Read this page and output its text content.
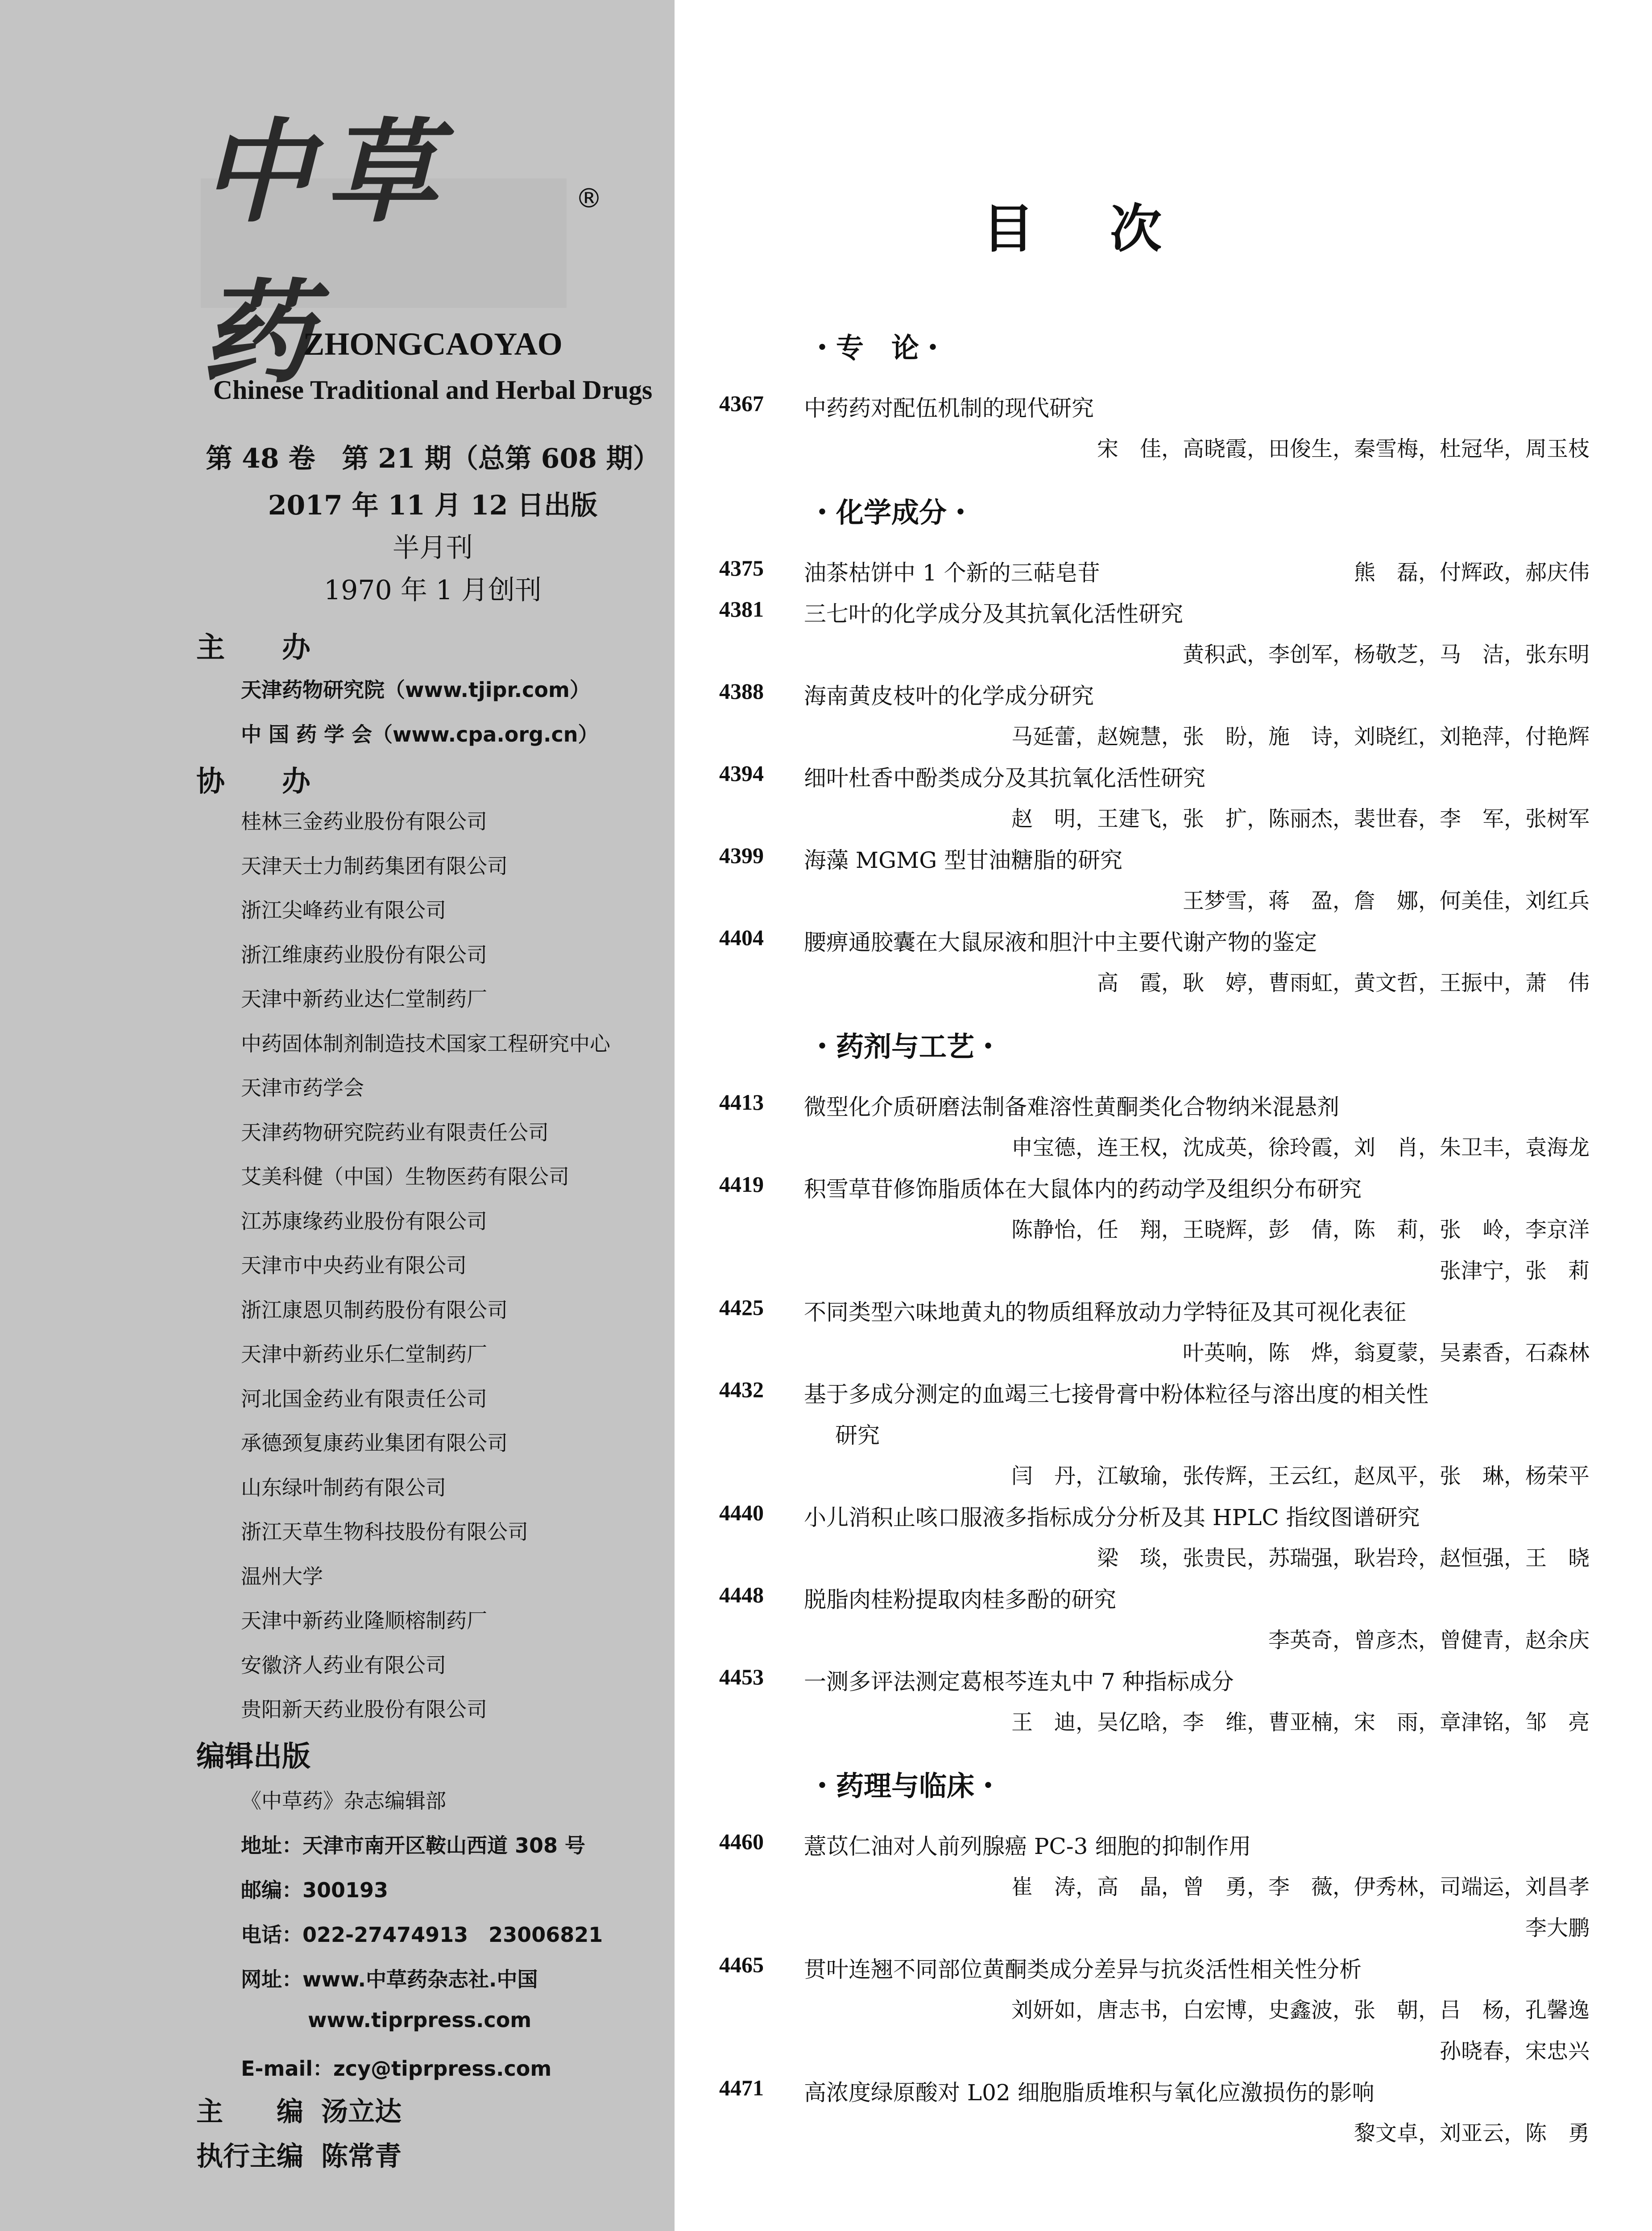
中草药
®
ZHONGCAOYAO
Chinese Traditional and Herbal Drugs
第 48 卷　第 21 期（总第 608 期）
2017 年 11 月 12 日出版
半月刊
1970 年 1 月创刊
主　　办
天津药物研究院（www.tjipr.com）
中 国 药 学 会（www.cpa.org.cn）
协　　办
桂林三金药业股份有限公司
天津天士力制药集团有限公司
浙江尖峰药业有限公司
浙江维康药业股份有限公司
天津中新药业达仁堂制药厂
中药固体制剂制造技术国家工程研究中心
天津市药学会
天津药物研究院药业有限责任公司
艾美科健（中国）生物医药有限公司
江苏康缘药业股份有限公司
天津市中央药业有限公司
浙江康恩贝制药股份有限公司
天津中新药业乐仁堂制药厂
河北国金药业有限责任公司
承德颈复康药业集团有限公司
山东绿叶制药有限公司
浙江天草生物科技股份有限公司
温州大学
天津中新药业隆顺榕制药厂
安徽济人药业有限公司
贵阳新天药业股份有限公司
编辑出版
《中草药》杂志编辑部
地址：天津市南开区鞍山西道 308 号
邮编：300193
电话：022-27474913　23006821
网址：www.中草药杂志社.中国
www.tiprpress.com
E-mail：zcy@tiprpress.com
主　　编 汤立达
执行主编 陈常青
目次
・专　论・
4367 中药药对配伍机制的现代研究
宋　佳，高晓霞，田俊生，秦雪梅，杜冠华，周玉枝
・化学成分・
4375 油茶枯饼中 1 个新的三萜皂苷	熊　磊，付辉政，郝庆伟
4381 三七叶的化学成分及其抗氧化活性研究
黄积武，李创军，杨敬芝，马　洁，张东明
4388 海南黄皮枝叶的化学成分研究
马延蕾，赵婉慧，张　盼，施　诗，刘晓红，刘艳萍，付艳辉
4394 细叶杜香中酚类成分及其抗氧化活性研究
赵　明，王建飞，张　扩，陈丽杰，裴世春，李　军，张树军
4399 海藻 MGMG 型甘油糖脂的研究
王梦雪，蒋　盈，詹　娜，何美佳，刘红兵
4404 腰痹通胶囊在大鼠尿液和胆汁中主要代谢产物的鉴定
高　霞，耿　婷，曹雨虹，黄文哲，王振中，萧　伟
・药剂与工艺・
4413 微型化介质研磨法制备难溶性黄酮类化合物纳米混悬剂
申宝德，连王权，沈成英，徐玲霞，刘　肖，朱卫丰，袁海龙
4419 积雪草苷修饰脂质体在大鼠体内的药动学及组织分布研究
陈静怡，任　翔，王晓辉，彭　倩，陈　莉，张　岭，李京洋
张津宁，张　莉
4425 不同类型六味地黄丸的物质组释放动力学特征及其可视化表征
叶英响，陈　烨，翁夏蒙，吴素香，石森林
4432 基于多成分测定的血竭三七接骨膏中粉体粒径与溶出度的相关性
研究
闫　丹，江敏瑜，张传辉，王云红，赵凤平，张　琳，杨荣平
4440 小儿消积止咳口服液多指标成分分析及其 HPLC 指纹图谱研究
梁　琰，张贵民，苏瑞强，耿岩玲，赵恒强，王　晓
4448 脱脂肉桂粉提取肉桂多酚的研究
李英奇，曾彦杰，曾健青，赵余庆
4453 一测多评法测定葛根芩连丸中 7 种指标成分
王　迪，吴亿晗，李　维，曹亚楠，宋　雨，章津铭，邹　亮
・药理与临床・
4460 薏苡仁油对人前列腺癌 PC-3 细胞的抑制作用
崔　涛，高　晶，曾　勇，李　薇，伊秀林，司端运，刘昌孝
李大鹏
4465 贯叶连翘不同部位黄酮类成分差异与抗炎活性相关性分析
刘妍如，唐志书，白宏博，史鑫波，张　朝，吕　杨，孔馨逸
孙晓春，宋忠兴
4471 高浓度绿原酸对 L02 细胞脂质堆积与氧化应激损伤的影响
黎文卓，刘亚云，陈　勇
